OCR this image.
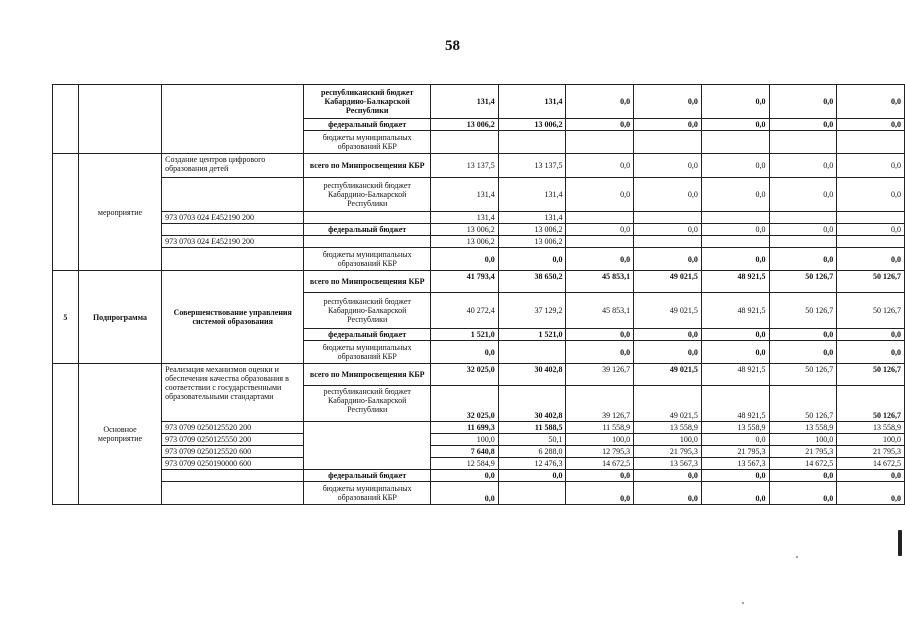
58
			республиканский бюджет Кабардино-Балкарской Республики	131,4	131,4	0,0	0,0	0,0	0,0	0,0
			федеральный бюджет	13 006,2	13 006,2	0,0	0,0	0,0	0,0	0,0
			бюджеты муниципальных образований КБР							
	мероприятие	Создание центров цифрового образования детей	всего по Минпросвещения КБР	13 137,5	13 137,5	0,0	0,0	0,0	0,0	0,0
			республиканский бюджет Кабардино-Балкарской Республики	131,4	131,4	0,0	0,0	0,0	0,0	0,0
		973 0703 024 E452190 200		131,4	131,4					
			федеральный бюджет	13 006,2	13 006,2	0,0	0,0	0,0	0,0	0,0
		973 0703 024 E452190 200		13 006,2	13 006,2					
			бюджеты муниципальных образований КБР	0,0	0,0	0,0	0,0	0,0	0,0	0,0
5	Подпрограмма	Совершенствование управления системой образования	всего по Минпросвещения КБР	41 793,4	38 650,2	45 853,1	49 021,5	48 921,5	50 126,7	50 126,7
			республиканский бюджет Кабардино-Балкарской Республики	40 272,4	37 129,2	45 853,1	49 021,5	48 921,5	50 126,7	50 126,7
			федеральный бюджет	1 521,0	1 521,0	0,0	0,0	0,0	0,0	0,0
			бюджеты муниципальных образований КБР	0,0		0,0	0,0	0,0	0,0	0,0
	Основное мероприятие	Реализация механизмов оценки и обеспечения качества образования в соответствии с государственными образовательными стандартами	всего по Минпросвещения КБР	32 025,0	30 402,8	39 126,7	49 021,5	48 921,5	50 126,7	50 126,7
			республиканский бюджет Кабардино-Балкарской Республики	32 025,0	30 402,8	39 126,7	49 021,5	48 921,5	50 126,7	50 126,7
		973 0709 0250125520 200		11 699,3	11 588,5	11 558,9	13 558,9	13 558,9	13 558,9	13 558,9
		973 0709 0250125550 200		100,0	50,1	100,0	100,0	0,0	100,0	100,0
		973 0709 0250125520 600		7 640,8	6 288,0	12 795,3	21 795,3	21 795,3	21 795,3	21 795,3
		973 0709 0250190000 600		12 584,9	12 476,3	14 672,5	13 567,3	13 567,3	14 672,5	14 672,5
			федеральный бюджет	0,0	0,0	0,0	0,0	0,0	0,0	0,0
			бюджеты муниципальных образований КБР	0,0		0,0	0,0	0,0	0,0	0,0
